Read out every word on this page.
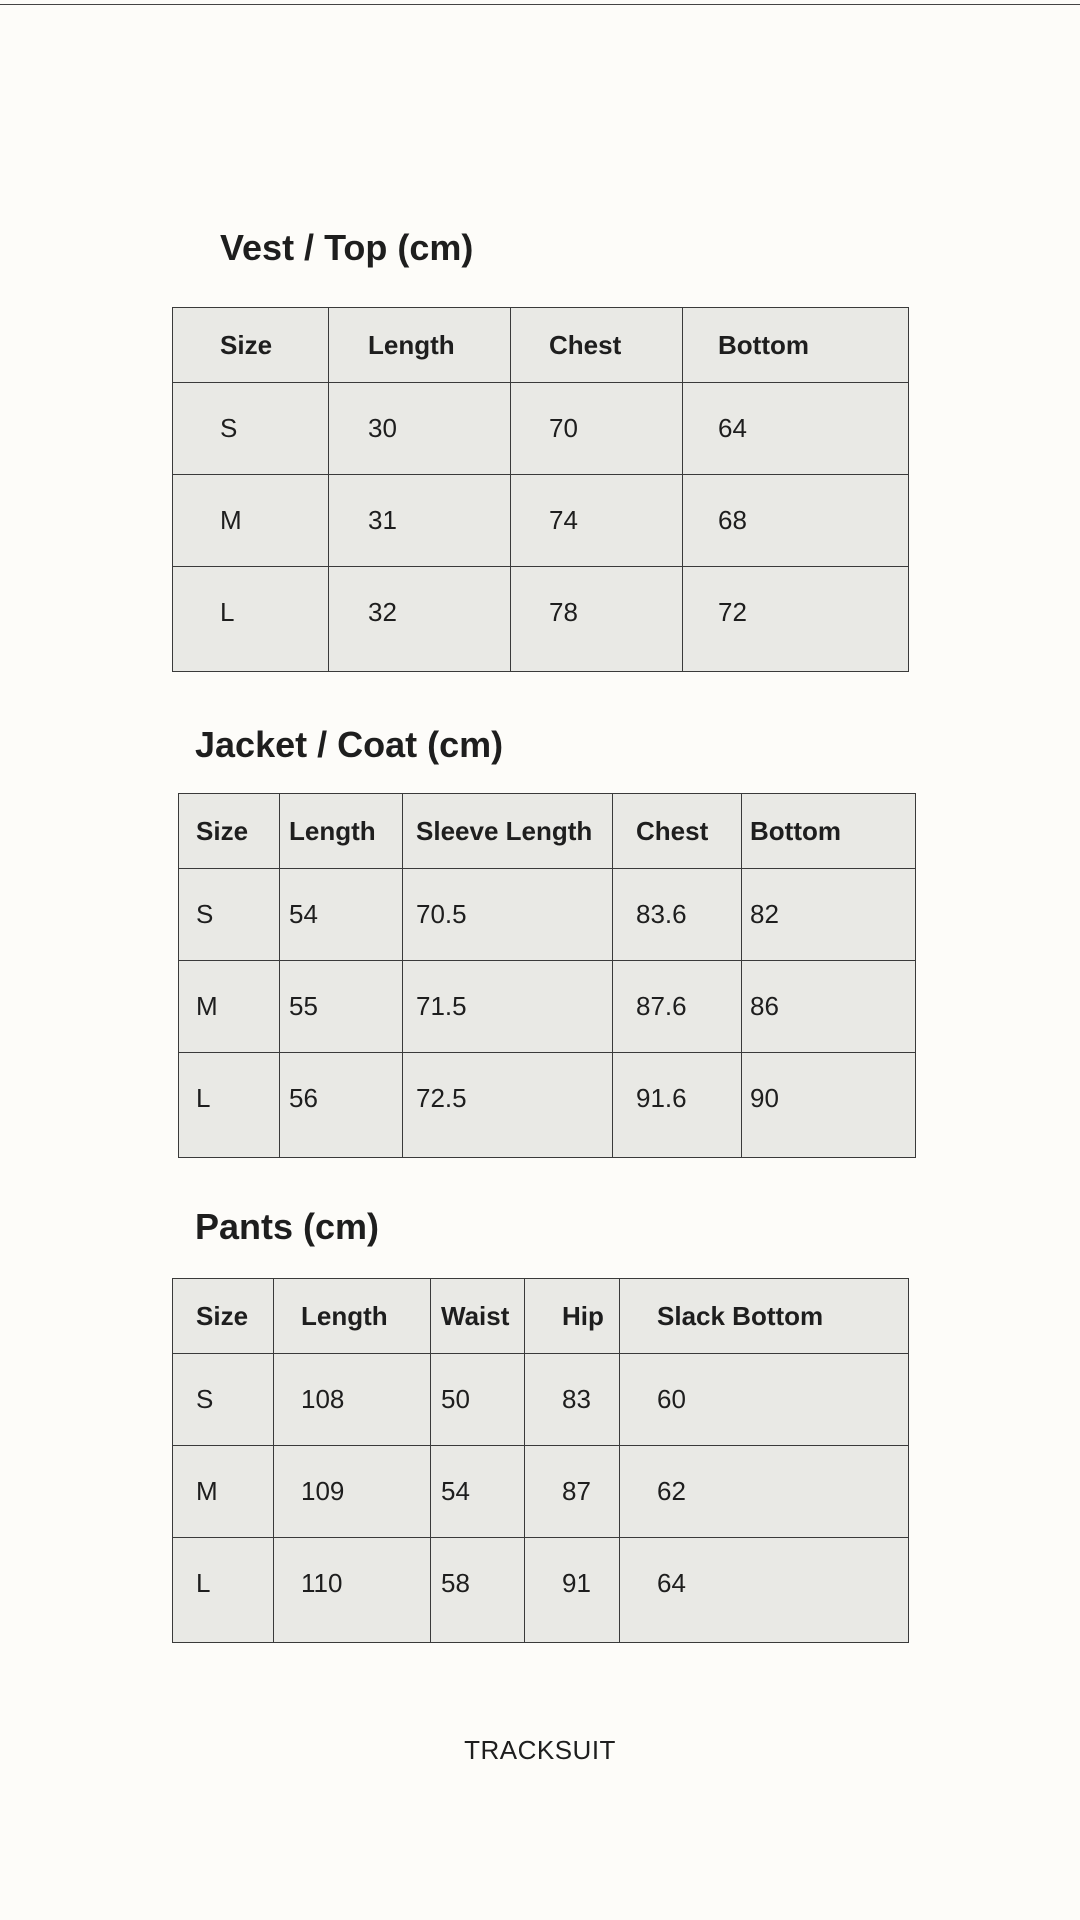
Vest / Top (cm)
Size	Length	Chest	Bottom

S	30	70	64

M	31	74	68

L	32	78	72
Jacket / Coat (cm)
Size	Length	Sleeve Length	Chest	Bottom

S	54	70.5	83.6	82

M	55	71.5	87.6	86

L	56	72.5	91.6	90
Pants (cm)
Size	Length	Waist	Hip	Slack Bottom

S	108	50	83	60

M	109	54	87	62

L	110	58	91	64
TRACKSUIT
